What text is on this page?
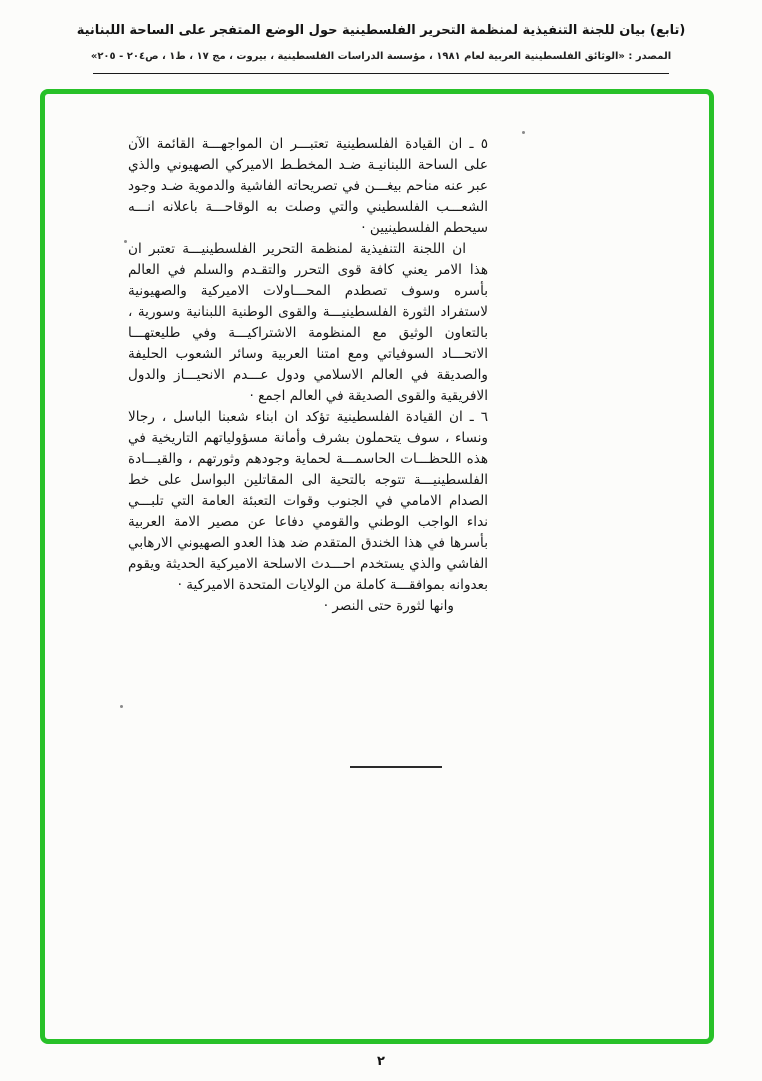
(تابع) بيان للجنة التنفيذية لمنظمة التحرير الفلسطينية حول الوضع المتفجر على الساحة اللبنانية
المصدر : «الوثائق الفلسطينية العربية لعام ١٩٨١ ، مؤسسة الدراسات الفلسطينية ، بيروت ، مج ١٧ ، ط١ ، ص٢٠٤ - ٢٠٥»

٥ ـ ان القيادة الفلسطينية تعتبـــر ان المواجهـــة القائمة الآن على الساحة اللبنانيـة ضـد المخطـط الاميركي الصهيوني والذي عبر عنه مناحم بيغـــن في تصريحاته الفاشية والدموية ضـد وجود الشعـــب الفلسطيني والتي وصلت به الوقاحـــة باعلانه انـــه سيحطم الفلسطينيين ·

ان اللجنة التنفيذية لمنظمة التحرير الفلسطينيـــة تعتبر ان هذا الامر يعني كافة قوى التحرر والتقـدم والسلم في العالم بأسره وسوف تصطدم المحـــاولات الاميركية والصهيونية لاستفراد الثورة الفلسطينيـــة والقوى الوطنية اللبنانية وسورية ، بالتعاون الوثيق مع المنظومة الاشتراكيـــة وفي طليعتهـــا الاتحـــاد السوفياتي ومع امتنا العربية وسائر الشعوب الحليفة والصديقة في العالم الاسلامي ودول عـــدم الانحيـــاز والدول الافريقية والقوى الصديقة في العالم اجمع ·

٦ ـ ان القيادة الفلسطينية تؤكد ان ابناء شعبنا الباسل ، رجالا ونساء ، سوف يتحملون بشرف وأمانة مسؤولياتهم التاريخية في هذه اللحظـــات الحاسمـــة لحماية وجودهم وثورتهم ، والقيـــادة الفلسطينيـــة تتوجه بالتحية الى المقاتلين البواسل على خط الصدام الامامي في الجنوب وقوات التعبئة العامة التي تلبـــي نداء الواجب الوطني والقومي دفاعا عن مصير الامة العربية بأسرها في هذا الخندق المتقدم ضد هذا العدو الصهيوني الارهابي الفاشي والذي يستخدم احـــدث الاسلحة الاميركية الحديثة ويقوم بعدوانه بموافقـــة كاملة من الولايات المتحدة الاميركية ·

وانها لثورة حتى النصر ·

٢
